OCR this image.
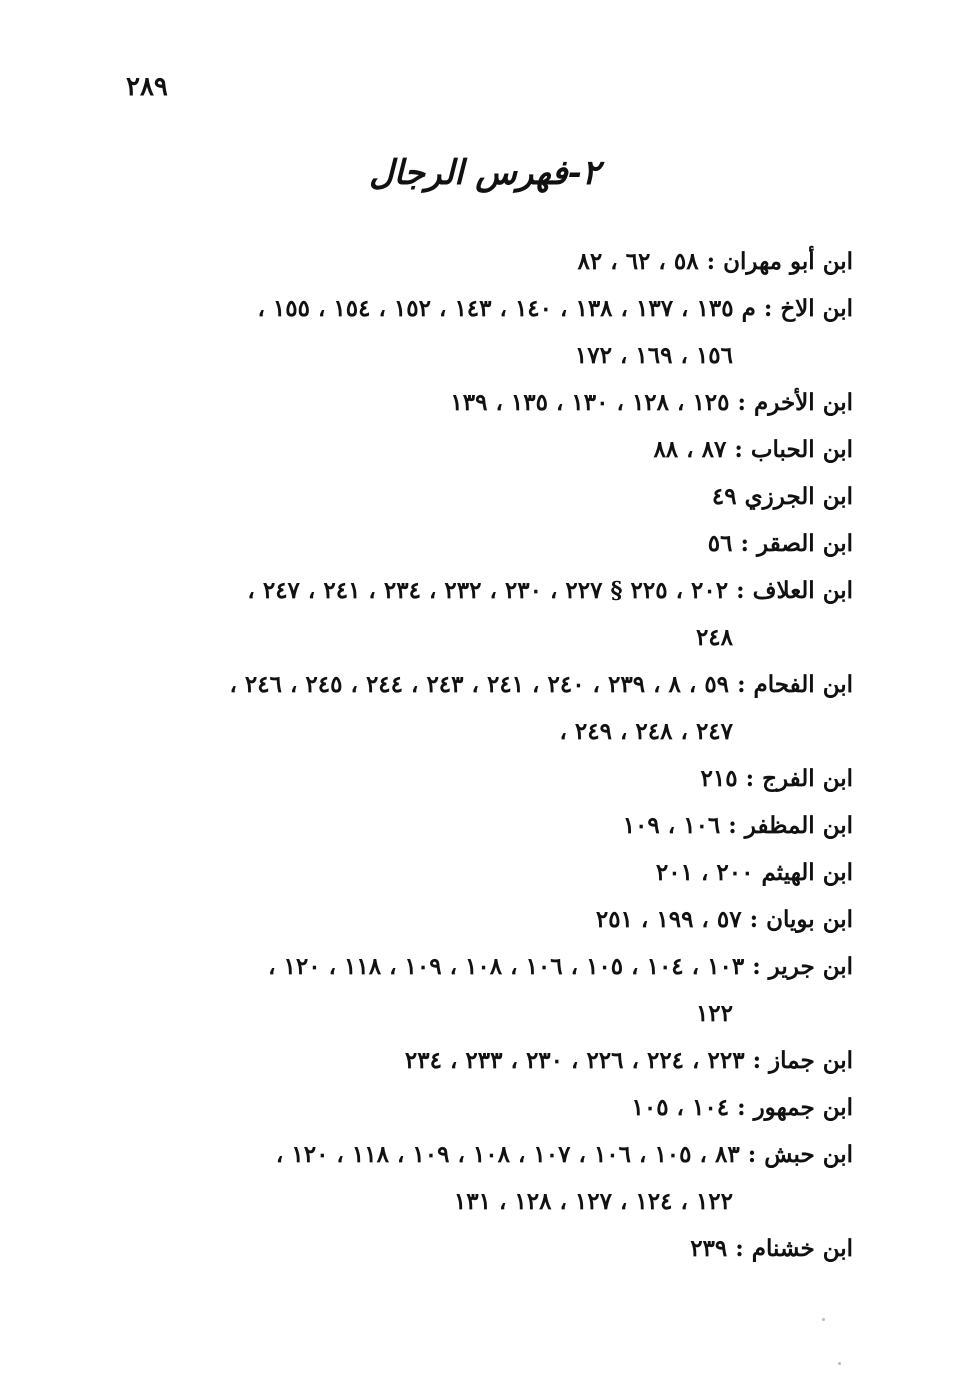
٢٨٩
٢-فهرس الرجال
ابن أبو مهران : ٥٨ ، ٦٢ ، ٨٢
ابن الاخ : م ١٣٥ ، ١٣٧ ، ١٣٨ ، ١٤٠ ، ١٤٣ ، ١٥٢ ، ١٥٤ ، ١٥٥ ،
١٥٦ ، ١٦٩ ، ١٧٢
ابن الأخرم : ١٢٥ ، ١٢٨ ، ١٣٠ ، ١٣٥ ، ١٣٩
ابن الحباب : ٨٧ ، ٨٨
ابن الجرزي ٤٩
ابن الصقر : ٥٦
ابن العلاف : ٢٠٢ ، ٢٢٥ § ٢٢٧ ، ٢٣٠ ، ٢٣٢ ، ٢٣٤ ، ٢٤١ ، ٢٤٧ ،
٢٤٨
ابن الفحام : ٥٩ ، ٨ ، ٢٣٩ ، ٢٤٠ ، ٢٤١ ، ٢٤٣ ، ٢٤٤ ، ٢٤٥ ، ٢٤٦ ،
٢٤٧ ، ٢٤٨ ، ٢٤٩ ،
ابن الفرج : ٢١٥
ابن المظفر : ١٠٦ ، ١٠٩
ابن الهيثم ٢٠٠ ، ٢٠١
ابن بويان : ٥٧ ، ١٩٩ ، ٢٥١
ابن جرير : ١٠٣ ، ١٠٤ ، ١٠٥ ، ١٠٦ ، ١٠٨ ، ١٠٩ ، ١١٨ ، ١٢٠ ،
١٢٢
ابن جماز : ٢٢٣ ، ٢٢٤ ، ٢٢٦ ، ٢٣٠ ، ٢٣٣ ، ٢٣٤
ابن جمهور : ١٠٤ ، ١٠٥
ابن حبش : ٨٣ ، ١٠٥ ، ١٠٦ ، ١٠٧ ، ١٠٨ ، ١٠٩ ، ١١٨ ، ١٢٠ ،
١٢٢ ، ١٢٤ ، ١٢٧ ، ١٢٨ ، ١٣١
ابن خشنام : ٢٣٩
